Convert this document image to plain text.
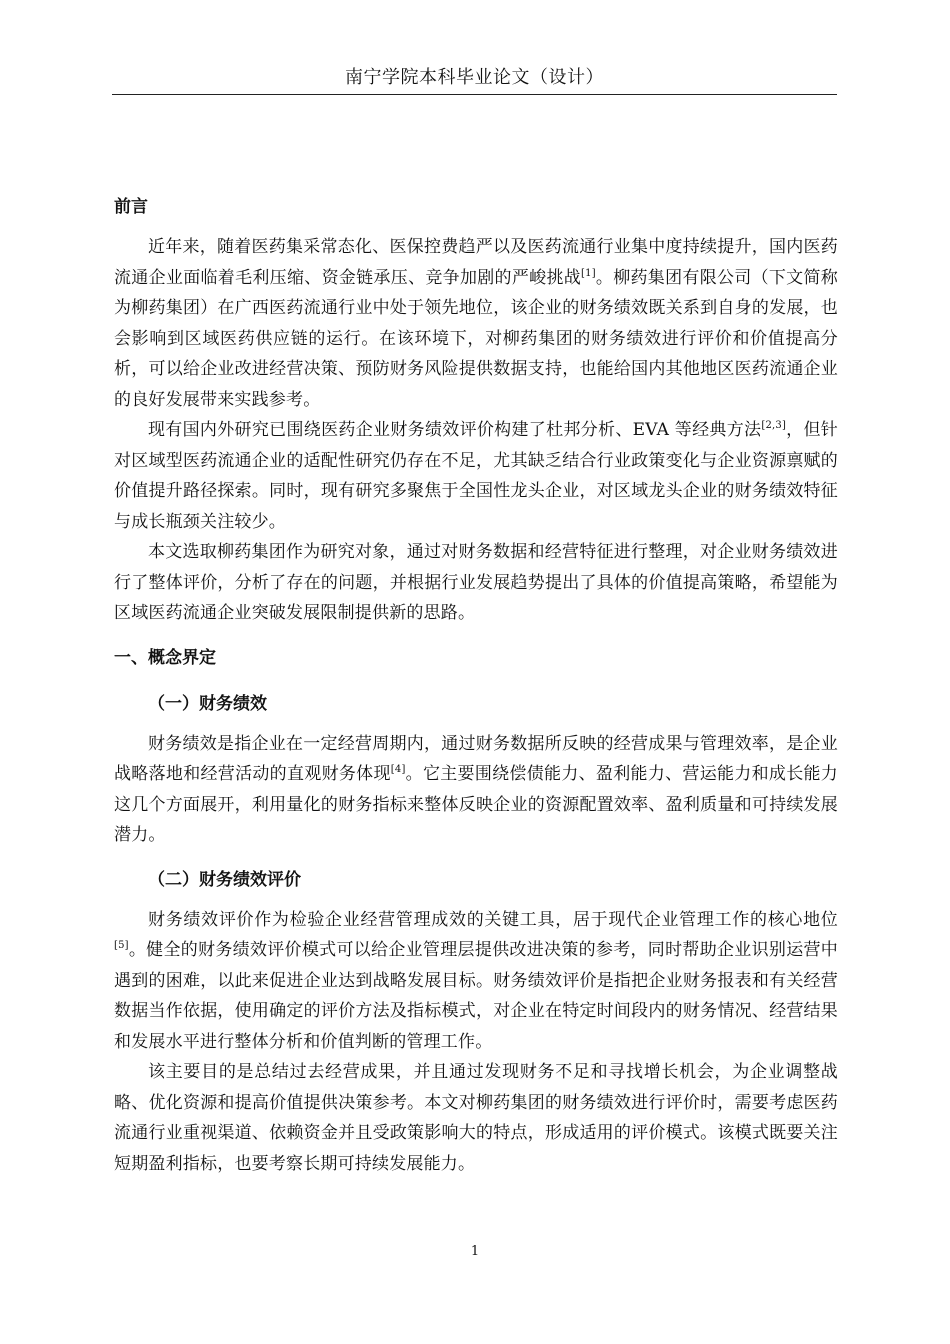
南宁学院本科毕业论文（设计）
前言

近年来，随着医药集采常态化、医保控费趋严以及医药流通行业集中度持续提升，国内医药流通企业面临着毛利压缩、资金链承压、竞争加剧的严峻挑战[1]。柳药集团有限公司（下文简称为柳药集团）在广西医药流通行业中处于领先地位，该企业的财务绩效既关系到自身的发展，也会影响到区域医药供应链的运行。在该环境下，对柳药集团的财务绩效进行评价和价值提高分析，可以给企业改进经营决策、预防财务风险提供数据支持，也能给国内其他地区医药流通企业的良好发展带来实践参考。

现有国内外研究已围绕医药企业财务绩效评价构建了杜邦分析、EVA 等经典方法[2,3]，但针对区域型医药流通企业的适配性研究仍存在不足，尤其缺乏结合行业政策变化与企业资源禀赋的价值提升路径探索。同时，现有研究多聚焦于全国性龙头企业，对区域龙头企业的财务绩效特征与成长瓶颈关注较少。

本文选取柳药集团作为研究对象，通过对财务数据和经营特征进行整理，对企业财务绩效进行了整体评价，分析了存在的问题，并根据行业发展趋势提出了具体的价值提高策略，希望能为区域医药流通企业突破发展限制提供新的思路。

一、概念界定
（一）财务绩效

财务绩效是指企业在一定经营周期内，通过财务数据所反映的经营成果与管理效率，是企业战略落地和经营活动的直观财务体现[4]。它主要围绕偿债能力、盈利能力、营运能力和成长能力这几个方面展开，利用量化的财务指标来整体反映企业的资源配置效率、盈利质量和可持续发展潜力。

（二）财务绩效评价

财务绩效评价作为检验企业经营管理成效的关键工具，居于现代企业管理工作的核心地位[5]。健全的财务绩效评价模式可以给企业管理层提供改进决策的参考，同时帮助企业识别运营中遇到的困难，以此来促进企业达到战略发展目标。财务绩效评价是指把企业财务报表和有关经营数据当作依据，使用确定的评价方法及指标模式，对企业在特定时间段内的财务情况、经营结果和发展水平进行整体分析和价值判断的管理工作。

该主要目的是总结过去经营成果，并且通过发现财务不足和寻找增长机会，为企业调整战略、优化资源和提高价值提供决策参考。本文对柳药集团的财务绩效进行评价时，需要考虑医药流通行业重视渠道、依赖资金并且受政策影响大的特点，形成适用的评价模式。该模式既要关注短期盈利指标，也要考察长期可持续发展能力。

1
